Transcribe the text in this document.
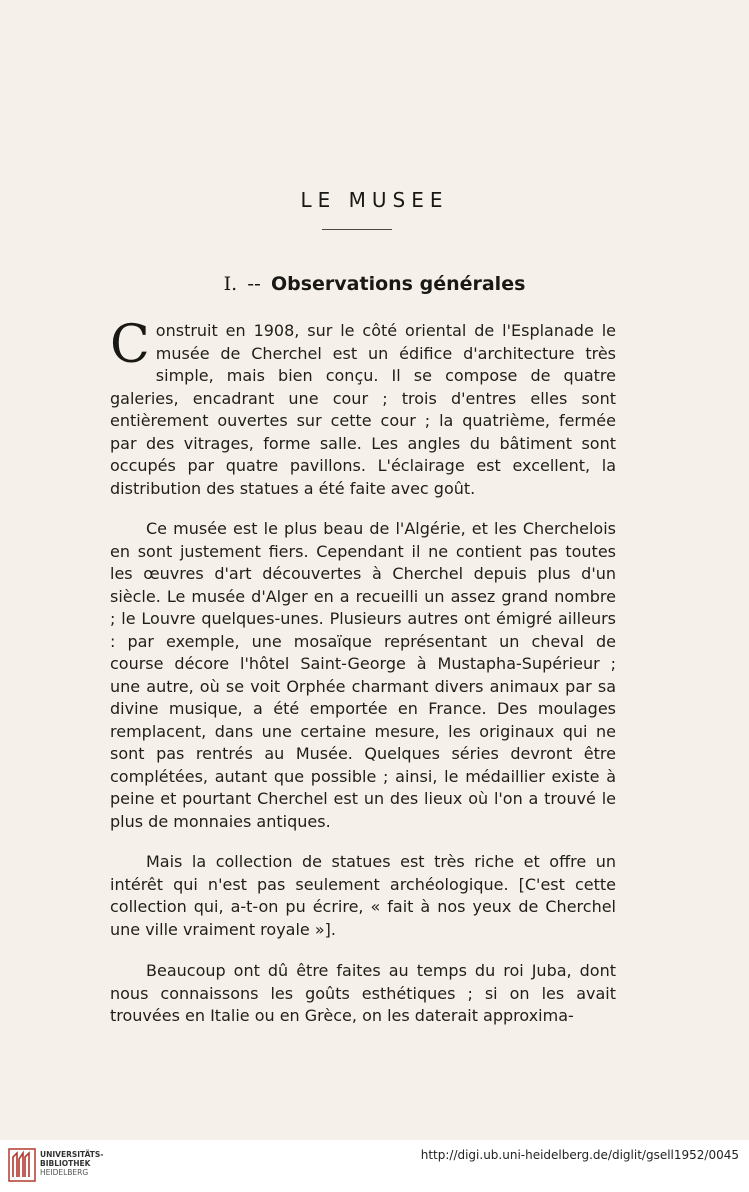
LE MUSEE
I. -- Observations générales
Construit en 1908, sur le côté oriental de l'Esplanade le musée de Cherchel est un édifice d'architecture très simple, mais bien conçu. Il se compose de quatre galeries, encadrant une cour ; trois d'entres elles sont entièrement ouvertes sur cette cour ; la quatrième, fermée par des vitrages, forme salle. Les angles du bâtiment sont occupés par quatre pavillons. L'éclairage est excellent, la distribution des statues a été faite avec goût.
Ce musée est le plus beau de l'Algérie, et les Cherchelois en sont justement fiers. Cependant il ne contient pas toutes les œuvres d'art découvertes à Cherchel depuis plus d'un siècle. Le musée d'Alger en a recueilli un assez grand nombre ; le Louvre quelques-unes. Plusieurs autres ont émigré ailleurs : par exemple, une mosaïque représentant un cheval de course décore l'hôtel Saint-George à Mustapha-Supérieur ; une autre, où se voit Orphée charmant divers animaux par sa divine musique, a été emportée en France. Des moulages remplacent, dans une certaine mesure, les originaux qui ne sont pas rentrés au Musée. Quelques séries devront être complétées, autant que possible ; ainsi, le médaillier existe à peine et pourtant Cherchel est un des lieux où l'on a trouvé le plus de monnaies antiques.
Mais la collection de statues est très riche et offre un intérêt qui n'est pas seulement archéologique. [C'est cette collection qui, a-t-on pu écrire, « fait à nos yeux de Cherchel une ville vraiment royale »].
Beaucoup ont dû être faites au temps du roi Juba, dont nous connaissons les goûts esthétiques ; si on les avait trouvées en Italie ou en Grèce, on les daterait approxima-
UNIVERSITÄTS-
BIBLIOTHEK
HEIDELBERG
http://digi.ub.uni-heidelberg.de/diglit/gsell1952/0045
